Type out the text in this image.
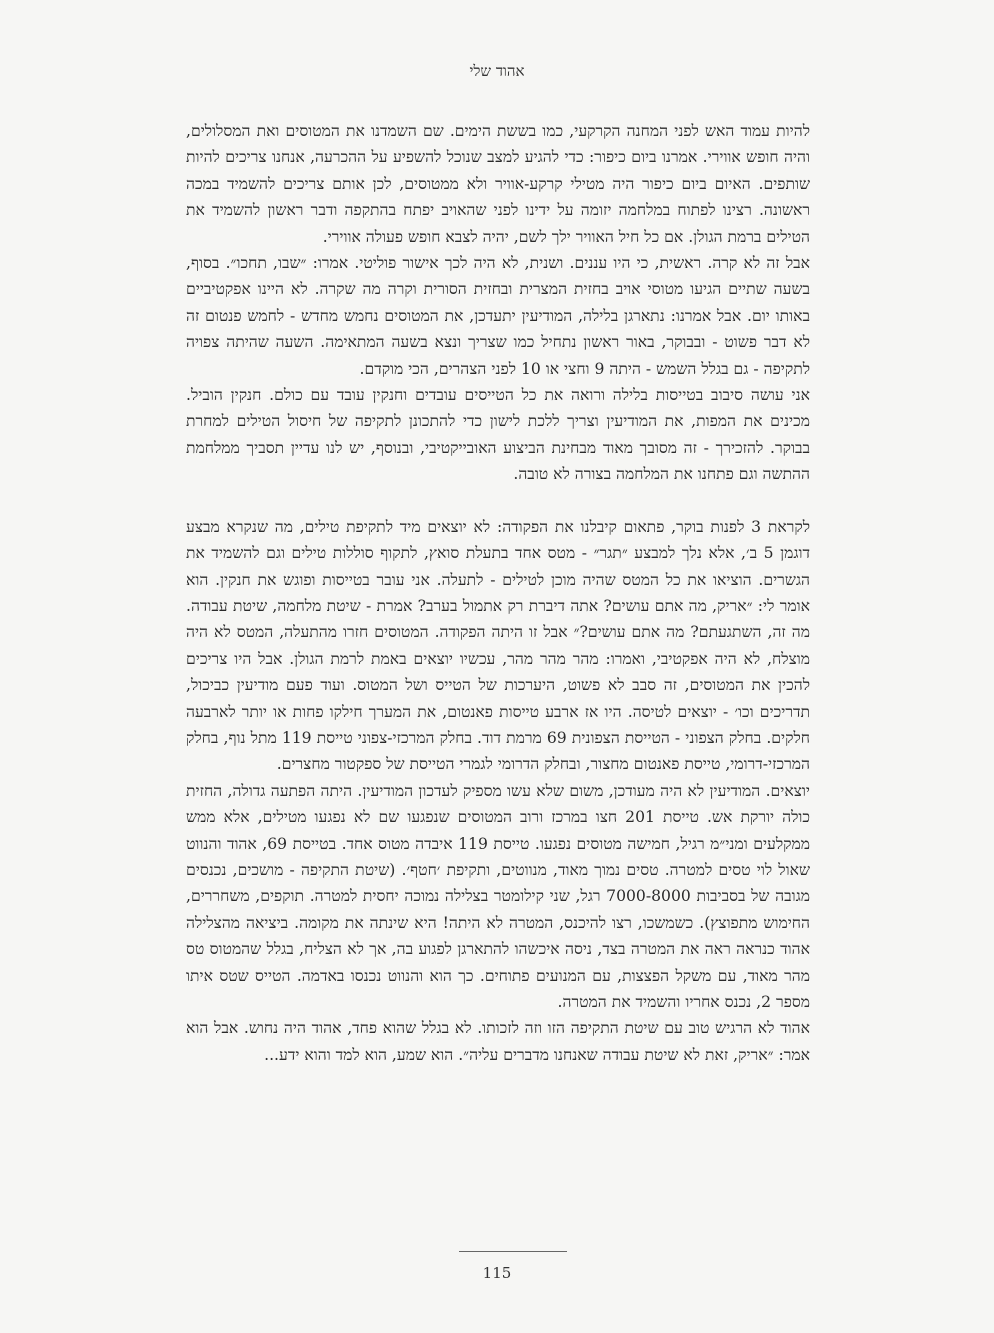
אהוד שלי

להיות עמוד האש לפני המחנה הקרקעי, כמו בששת הימים. שם השמדנו את המטוסים ואת המסלולים, והיה חופש אווירי. אמרנו ביום כיפור: כדי להגיע למצב שנוכל להשפיע על ההכרעה, אנחנו צריכים להיות שותפים. האיום ביום כיפור היה מטילי קרקע-אוויר ולא ממטוסים, לכן אותם צריכים להשמיד במכה ראשונה. רצינו לפתוח במלחמה יזומה על ידינו לפני שהאויב יפתח בהתקפה ודבר ראשון להשמיד את הטילים ברמת הגולן. אם כל חיל האוויר ילך לשם, יהיה לצבא חופש פעולה אווירי.

אבל זה לא קרה. ראשית, כי היו עננים. ושנית, לא היה לכך אישור פוליטי. אמרו: ״שבו, תחכו״. בסוף, בשעה שתיים הגיעו מטוסי אויב בחזית המצרית ובחזית הסורית וקרה מה שקרה. לא היינו אפקטיביים באותו יום. אבל אמרנו: נתארגן בלילה, המודיעין יתעדכן, את המטוסים נחמש מחדש - לחמש פנטום זה לא דבר פשוט - ובבוקר, באור ראשון נתחיל כמו שצריך ונצא בשעה המתאימה. השעה שהיתה צפויה לתקיפה - גם בגלל השמש - היתה 9 וחצי או 10 לפני הצהרים, הכי מוקדם.

אני עושה סיבוב בטייסות בלילה ורואה את כל הטייסים עובדים וחנקין עובד עם כולם. חנקין הוביל. מכינים את המפות, את המודיעין וצריך ללכת לישון כדי להתכונן לתקיפה של חיסול הטילים למחרת בבוקר. להזכירך - זה מסובך מאוד מבחינת הביצוע האובייקטיבי, ובנוסף, יש לנו עדיין תסביך ממלחמת ההתשה וגם פתחנו את המלחמה בצורה לא טובה.

לקראת 3 לפנות בוקר, פתאום קיבלנו את הפקודה: לא יוצאים מיד לתקיפת טילים, מה שנקרא מבצע דוגמן 5 ב׳, אלא נלך למבצע ״תגר״ - מטס אחד בתעלת סואץ, לתקוף סוללות טילים וגם להשמיד את הגשרים. הוציאו את כל המטס שהיה מוכן לטילים - לתעלה. אני עובר בטייסות ופוגש את חנקין. הוא אומר לי: ״אריק, מה אתם עושים? אתה דיברת רק אתמול בערב? אמרת - שיטת מלחמה, שיטת עבודה. מה זה, השתגעתם? מה אתם עושים?״ אבל זו היתה הפקודה. המטוסים חזרו מהתעלה, המטס לא היה מוצלח, לא היה אפקטיבי, ואמרו: מהר מהר מהר, עכשיו יוצאים באמת לרמת הגולן. אבל היו צריכים להכין את המטוסים, זה סבב לא פשוט, היערכות של הטייס ושל המטוס. ועוד פעם מודיעין כביכול, תדריכים וכו׳ - יוצאים לטיסה. היו אז ארבע טייסות פאנטום, את המערך חילקו פחות או יותר לארבעה חלקים. בחלק הצפוני - הטייסת הצפונית 69 מרמת דוד. בחלק המרכזי-צפוני טייסת 119 מתל נוף, בחלק המרכזי-דרומי, טייסת פאנטום מחצור, ובחלק הדרומי לגמרי הטייסת של ספקטור מחצרים.

יוצאים. המודיעין לא היה מעודכן, משום שלא עשו מספיק לעדכון המודיעין. היתה הפתעה גדולה, החזית כולה יורקת אש. טייסת 201 חצו במרכז ורוב המטוסים שנפגעו שם לא נפגעו מטילים, אלא ממש ממקלעים ומני״מ רגיל, חמישה מטוסים נפגעו. טייסת 119 איבדה מטוס אחד. בטייסת 69, אהוד והנווט שאול לוי טסים למטרה. טסים נמוך מאוד, מנווטים, ותקיפת ׳חטף׳. (שיטת התקיפה - מושכים, נכנסים מגובה של בסביבות 7000-8000 רגל, שני קילומטר בצלילה נמוכה יחסית למטרה. תוקפים, משחררים, החימוש מתפוצץ). כשמשכו, רצו להיכנס, המטרה לא היתה! היא שינתה את מקומה. ביציאה מהצלילה אהוד כנראה ראה את המטרה בצד, ניסה איכשהו להתארגן לפגוע בה, אך לא הצליח, בגלל שהמטוס טס מהר מאוד, עם משקל הפצצות, עם המנועים פתוחים. כך הוא והנווט נכנסו באדמה. הטייס שטס איתו מספר 2, נכנס אחריו והשמיד את המטרה.

אהוד לא הרגיש טוב עם שיטת התקיפה הזו וזה לזכותו. לא בגלל שהוא פחד, אהוד היה נחוש. אבל הוא אמר: ״אריק, זאת לא שיטת עבודה שאנחנו מדברים עליה״. הוא שמע, הוא למד והוא ידע...

115
